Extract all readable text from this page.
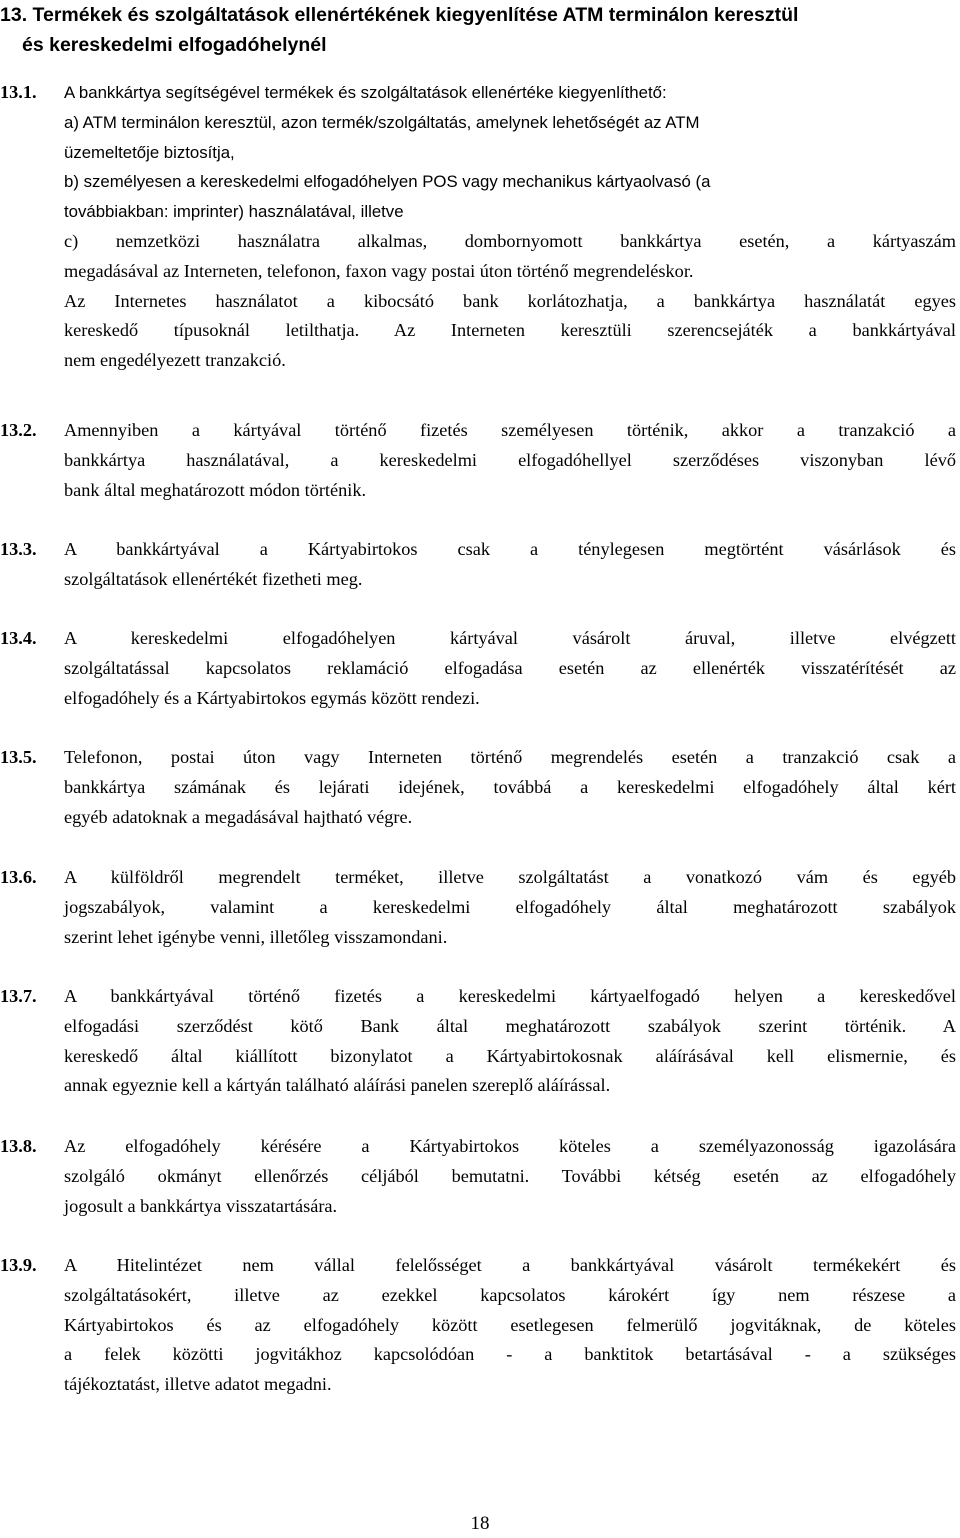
13. Termékek és szolgáltatások ellenértékének kiegyenlítése ATM terminálon keresztül
és kereskedelmi elfogadóhelynél
13.1. A bankkártya segítségével termékek és szolgáltatások ellenértéke kiegyenlíthető:

a) ATM terminálon keresztül, azon termék/szolgáltatás, amelynek lehetőségét az ATM

üzemeltetője biztosítja,

b) személyesen a kereskedelmi elfogadóhelyen POS vagy mechanikus kártyaolvasó (a

továbbiakban: imprinter) használatával, illetve

c) nemzetközi használatra alkalmas, dombornyomott bankkártya esetén, a kártyaszám

megadásával az Interneten, telefonon, faxon vagy postai úton történő megrendeléskor.

Az Internetes használatot a kibocsátó bank korlátozhatja, a bankkártya használatát egyes

kereskedő típusoknál letilthatja. Az Interneten keresztüli szerencsejáték a bankkártyával

nem engedélyezett tranzakció.

13.2. Amennyiben a kártyával történő fizetés személyesen történik, akkor a tranzakció a

bankkártya használatával, a kereskedelmi elfogadóhellyel szerződéses viszonyban lévő

bank által meghatározott módon történik.

13.3. A bankkártyával a Kártyabirtokos csak a ténylegesen megtörtént vásárlások és

szolgáltatások ellenértékét fizetheti meg.

13.4. A kereskedelmi elfogadóhelyen kártyával vásárolt áruval, illetve elvégzett

szolgáltatással kapcsolatos reklamáció elfogadása esetén az ellenérték visszatérítését az

elfogadóhely és a Kártyabirtokos egymás között rendezi.

13.5. Telefonon, postai úton vagy Interneten történő megrendelés esetén a tranzakció csak a

bankkártya számának és lejárati idejének, továbbá a kereskedelmi elfogadóhely által kért

egyéb adatoknak a megadásával hajtható végre.

13.6. A külföldről megrendelt terméket, illetve szolgáltatást a vonatkozó vám és egyéb

jogszabályok, valamint a kereskedelmi elfogadóhely által meghatározott szabályok

szerint lehet igénybe venni, illetőleg visszamondani.

13.7. A bankkártyával történő fizetés a kereskedelmi kártyaelfogadó helyen a kereskedővel

elfogadási szerződést kötő Bank által meghatározott szabályok szerint történik. A

kereskedő által kiállított bizonylatot a Kártyabirtokosnak aláírásával kell elismernie, és

annak egyeznie kell a kártyán található aláírási panelen szereplő aláírással.

13.8. Az elfogadóhely kérésére a Kártyabirtokos köteles a személyazonosság igazolására

szolgáló okmányt ellenőrzés céljából bemutatni. További kétség esetén az elfogadóhely

jogosult a bankkártya visszatartására.

13.9. A Hitelintézet nem vállal felelősséget a bankkártyával vásárolt termékekért és

szolgáltatásokért, illetve az ezekkel kapcsolatos károkért így nem részese a

Kártyabirtokos és az elfogadóhely között esetlegesen felmerülő jogvitáknak, de köteles

a felek közötti jogvitákhoz kapcsolódóan - a banktitok betartásával - a szükséges

tájékoztatást, illetve adatot megadni.

18
